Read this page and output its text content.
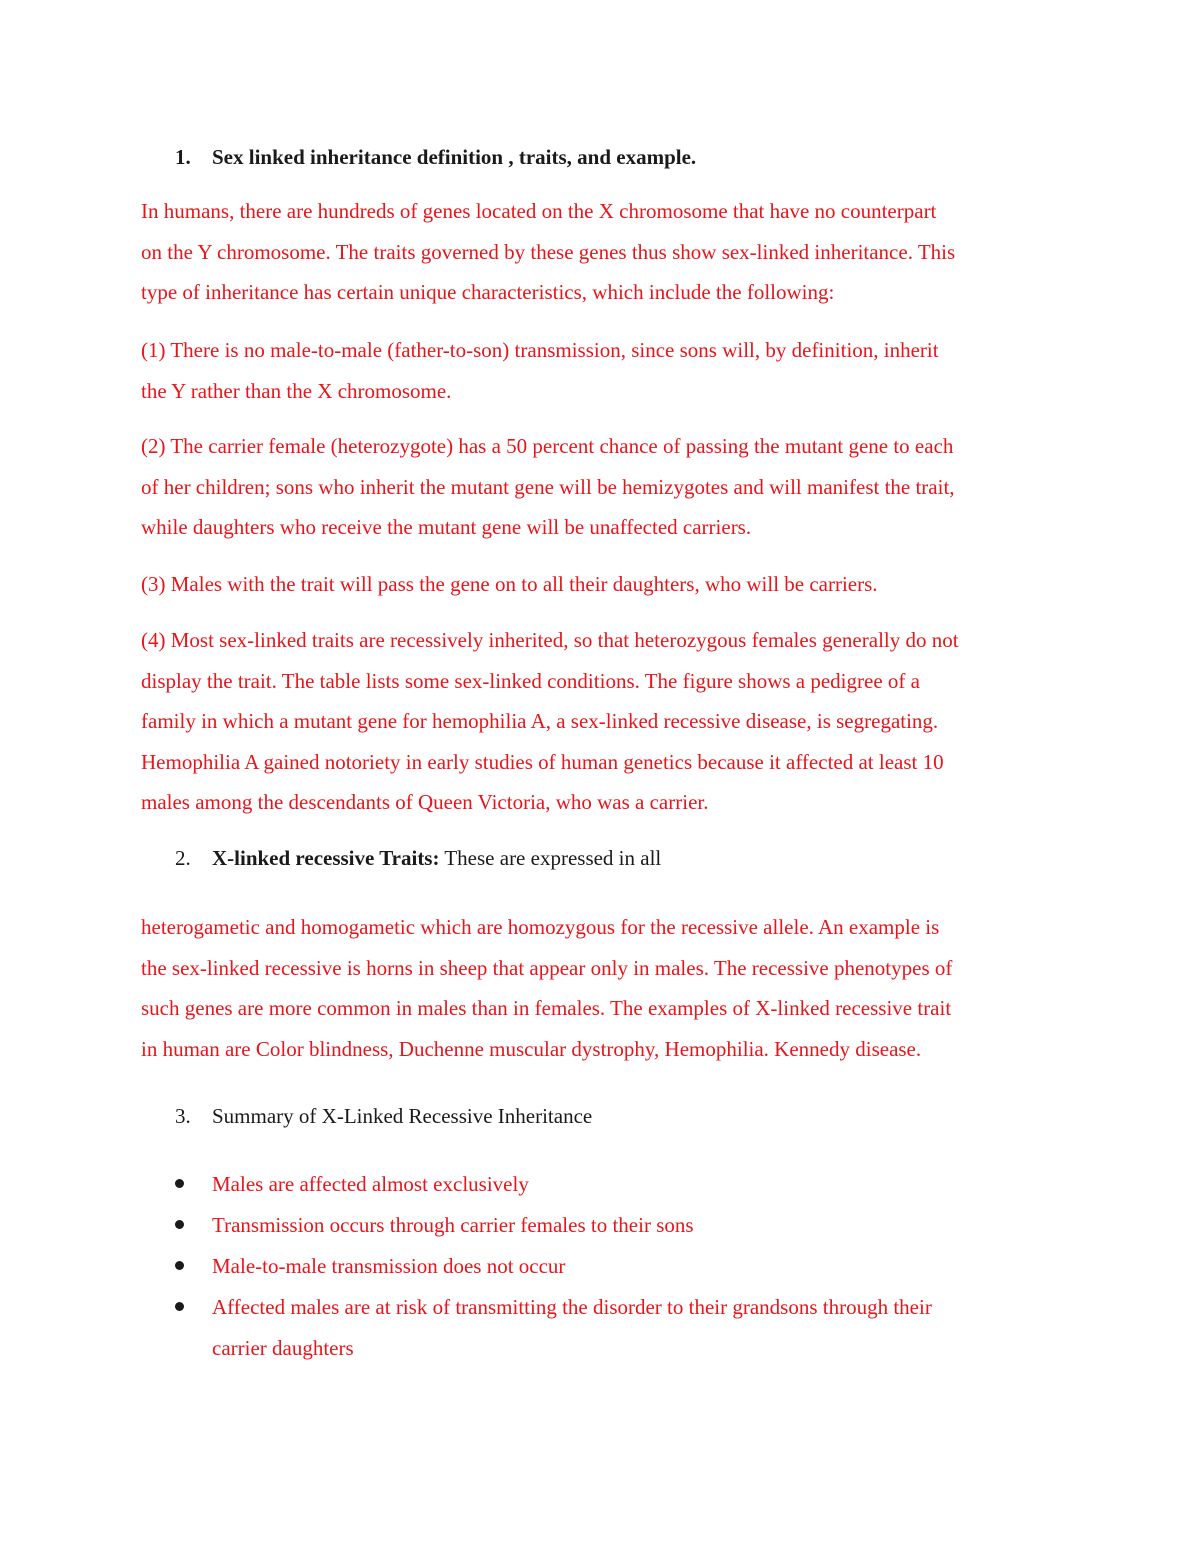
1. Sex linked inheritance definition , traits, and example.
In humans, there are hundreds of genes located on the X chromosome that have no counterpart
on the Y chromosome. The traits governed by these genes thus show sex-linked inheritance. This
type of inheritance has certain unique characteristics, which include the following:
(1) There is no male-to-male (father-to-son) transmission, since sons will, by definition, inherit
the Y rather than the X chromosome.
(2) The carrier female (heterozygote) has a 50 percent chance of passing the mutant gene to each
of her children; sons who inherit the mutant gene will be hemizygotes and will manifest the trait,
while daughters who receive the mutant gene will be unaffected carriers.
(3) Males with the trait will pass the gene on to all their daughters, who will be carriers.
(4) Most sex-linked traits are recessively inherited, so that heterozygous females generally do not
display the trait. The table lists some sex-linked conditions. The figure shows a pedigree of a
family in which a mutant gene for hemophilia A, a sex-linked recessive disease, is segregating.
Hemophilia A gained notoriety in early studies of human genetics because it affected at least 10
males among the descendants of Queen Victoria, who was a carrier.
2. X-linked recessive Traits: These are expressed in all
heterogametic and homogametic which are homozygous for the recessive allele. An example is
the sex-linked recessive is horns in sheep that appear only in males. The recessive phenotypes of
such genes are more common in males than in females. The examples of X-linked recessive trait
in human are Color blindness, Duchenne muscular dystrophy, Hemophilia. Kennedy disease.
3. Summary of X-Linked Recessive Inheritance
Males are affected almost exclusively
Transmission occurs through carrier females to their sons
Male-to-male transmission does not occur
Affected males are at risk of transmitting the disorder to their grandsons through their
carrier daughters
